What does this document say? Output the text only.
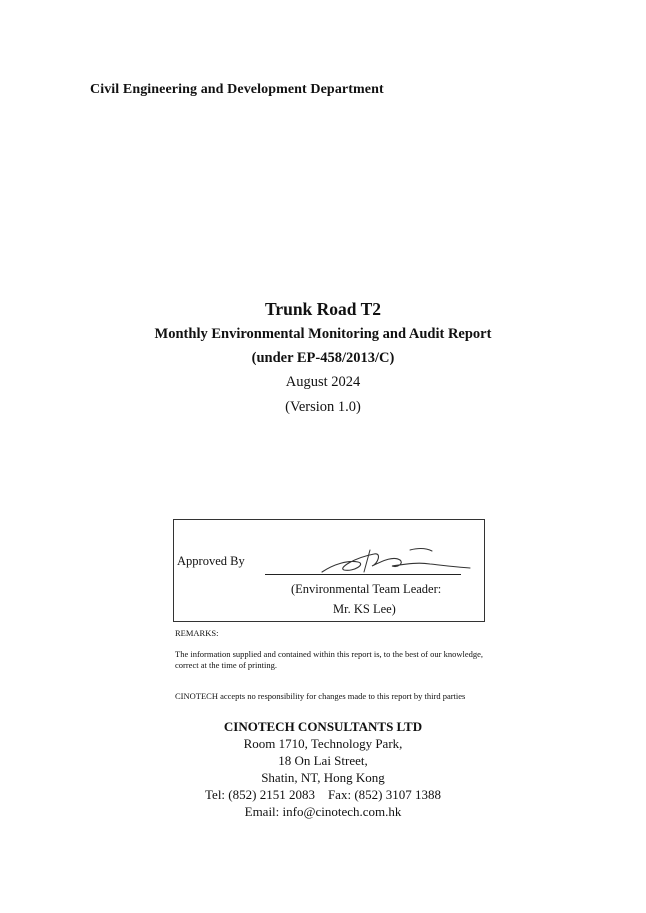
Civil Engineering and Development Department
Trunk Road T2
Monthly Environmental Monitoring and Audit Report
(under EP-458/2013/C)
August 2024
(Version 1.0)
Approved By
(Environmental Team Leader:
Mr. KS Lee)
REMARKS:
The information supplied and contained within this report is, to the best of our knowledge, correct at the time of printing.
CINOTECH accepts no responsibility for changes made to this report by third parties
CINOTECH CONSULTANTS LTD
Room 1710, Technology Park,
18 On Lai Street,
Shatin, NT, Hong Kong
Tel: (852) 2151 2083    Fax: (852) 3107 1388
Email: info@cinotech.com.hk
